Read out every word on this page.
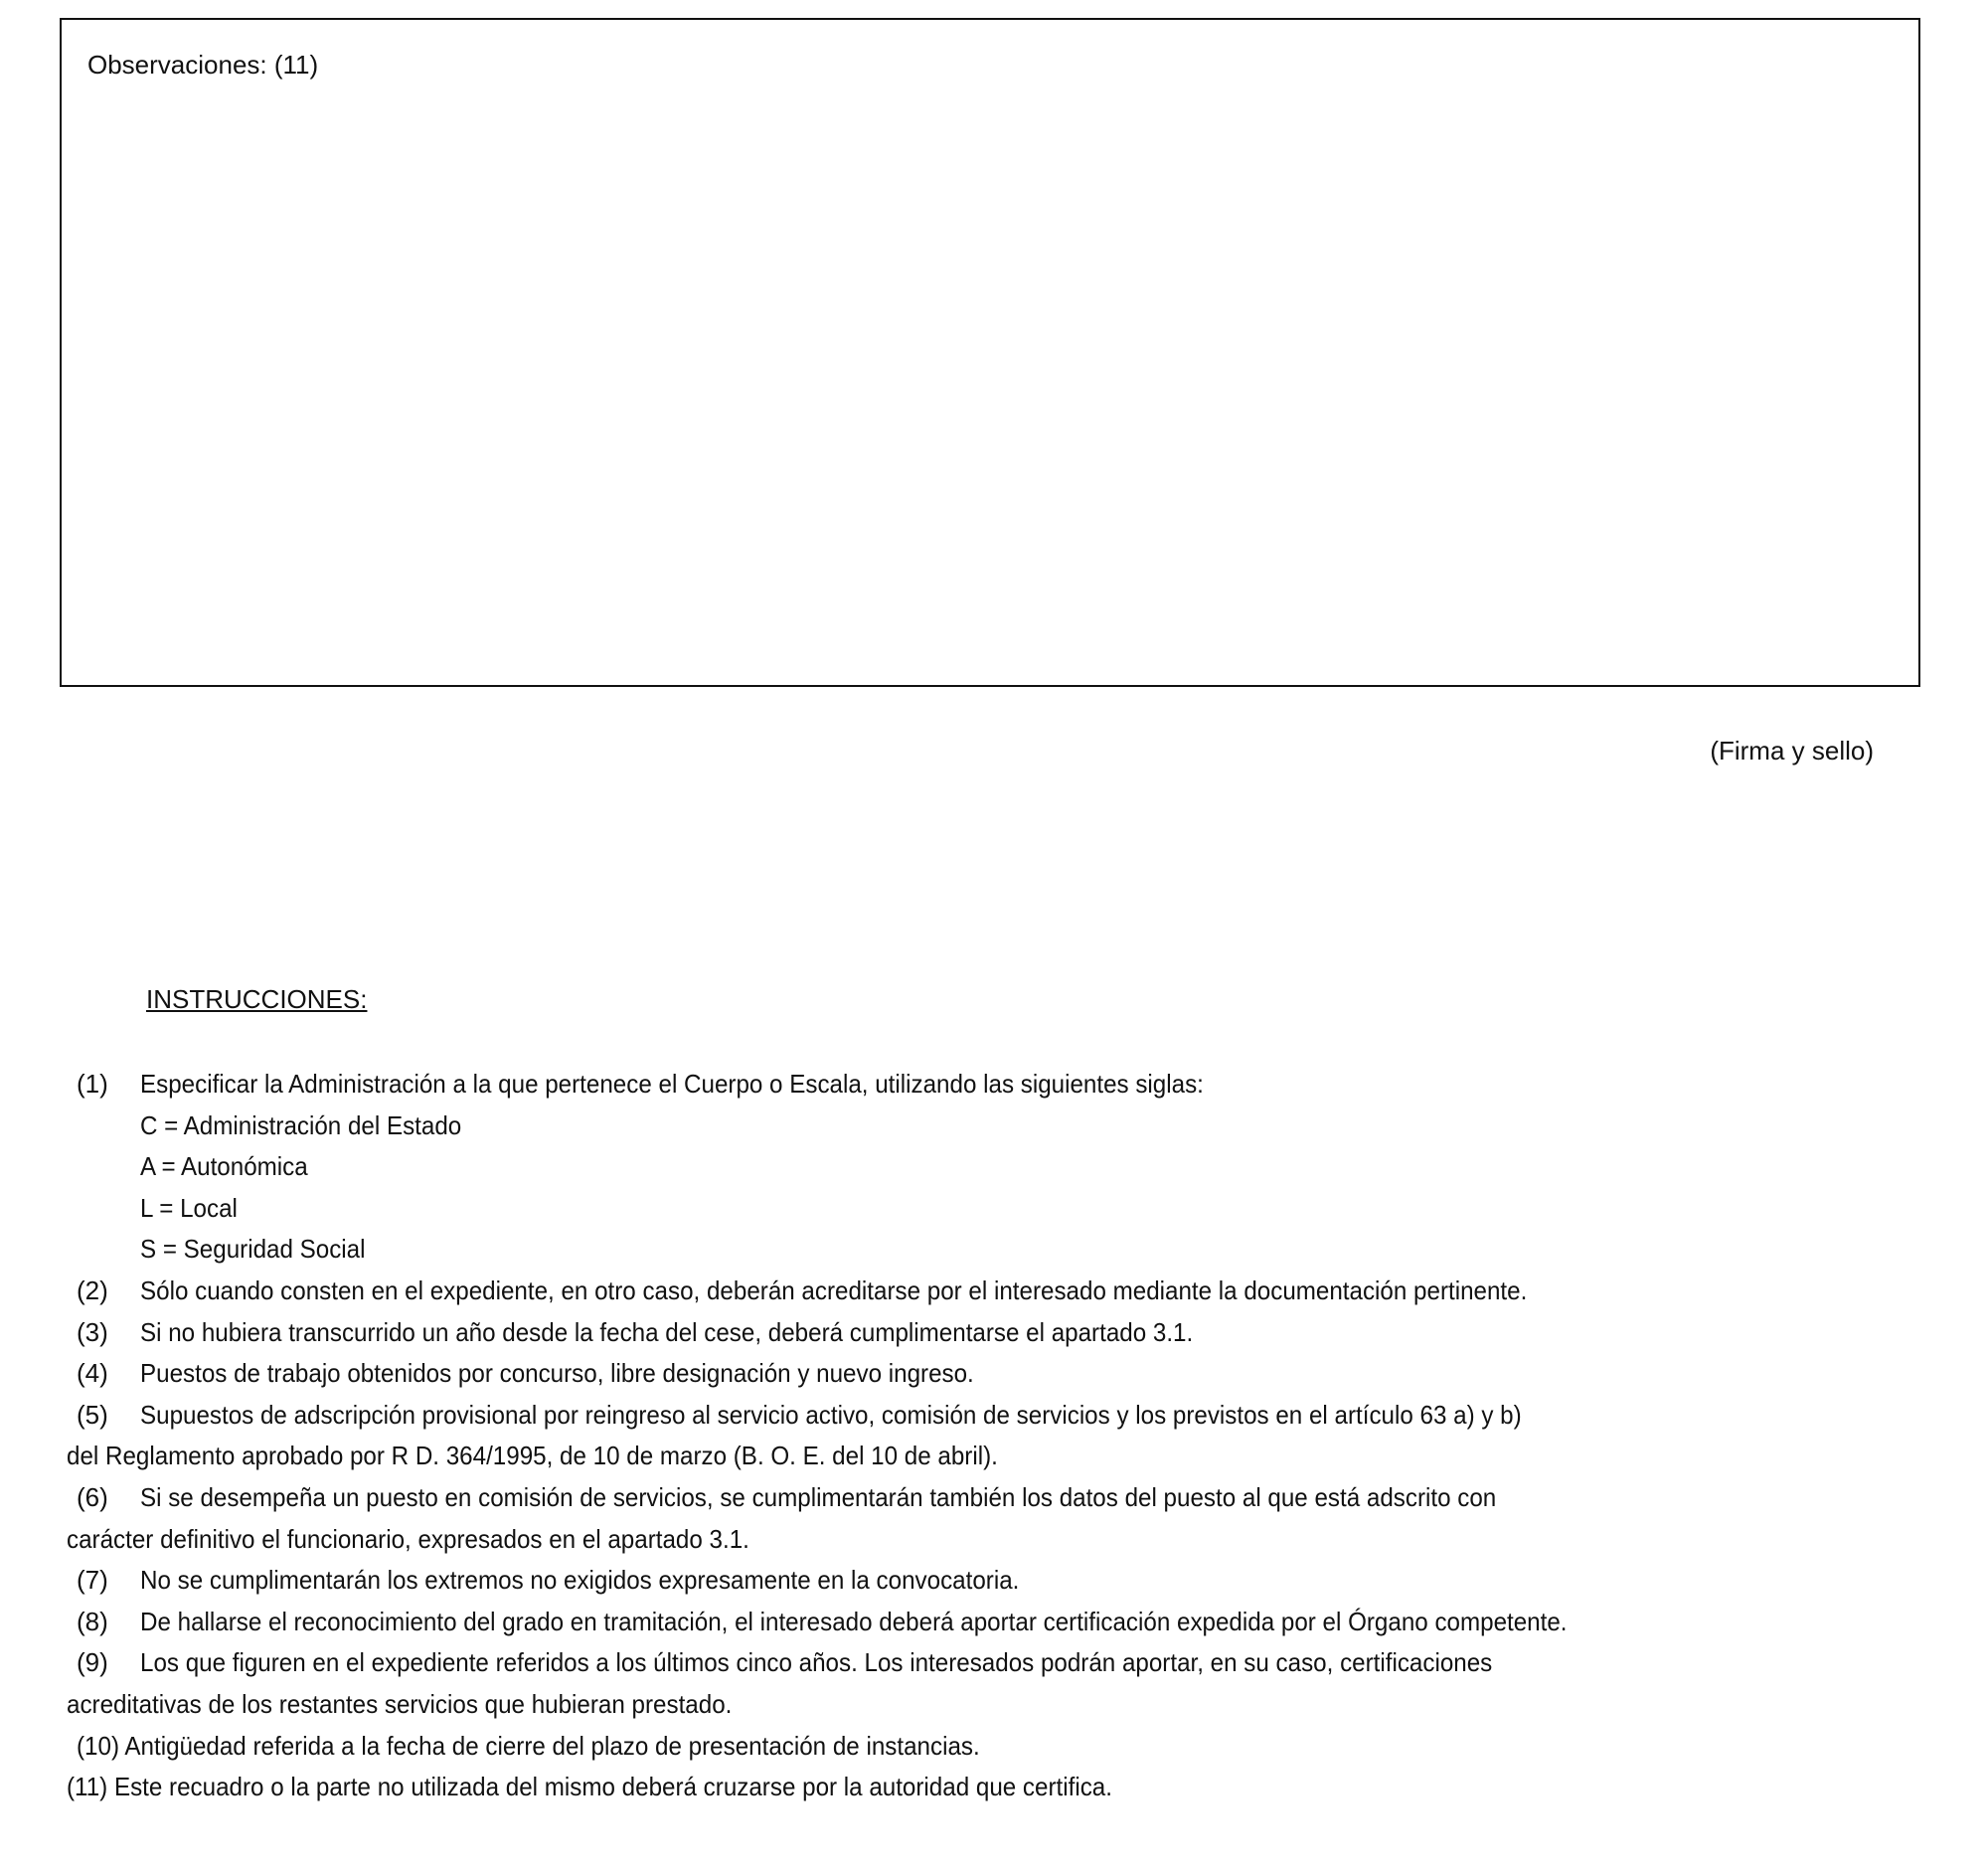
Observaciones: (11)
(Firma y sello)
INSTRUCCIONES:
(1)	Especificar la Administración a la que pertenece el Cuerpo o Escala, utilizando las siguientes siglas:
C = Administración del Estado
A = Autonómica
L = Local
S = Seguridad Social
(2)	Sólo cuando consten en el expediente, en otro caso, deberán acreditarse por el interesado mediante la documentación pertinente.
(3)	Si no hubiera transcurrido un año desde la fecha del cese, deberá cumplimentarse el apartado 3.1.
(4)	Puestos de trabajo obtenidos por concurso, libre designación y nuevo ingreso.
(5)	Supuestos de adscripción provisional por reingreso al servicio activo, comisión de servicios y los previstos en el artículo 63 a) y b)
del Reglamento aprobado por R D. 364/1995, de 10 de marzo (B. O. E. del 10 de abril).
(6)	Si se desempeña un puesto en comisión de servicios, se cumplimentarán también los datos del puesto al que está adscrito con
carácter definitivo el funcionario, expresados en el apartado 3.1.
(7)	No se cumplimentarán los extremos no exigidos expresamente en la convocatoria.
(8)	De hallarse el reconocimiento del grado en tramitación, el interesado deberá aportar certificación expedida por el Órgano competente.
(9)	Los que figuren en el expediente referidos a los últimos cinco años. Los interesados podrán aportar, en su caso, certificaciones
acreditativas de los restantes servicios que hubieran prestado.
(10) Antigüedad referida a la fecha de cierre del plazo de presentación de instancias.
(11) Este recuadro o la parte no utilizada del mismo deberá cruzarse por la autoridad que certifica.
